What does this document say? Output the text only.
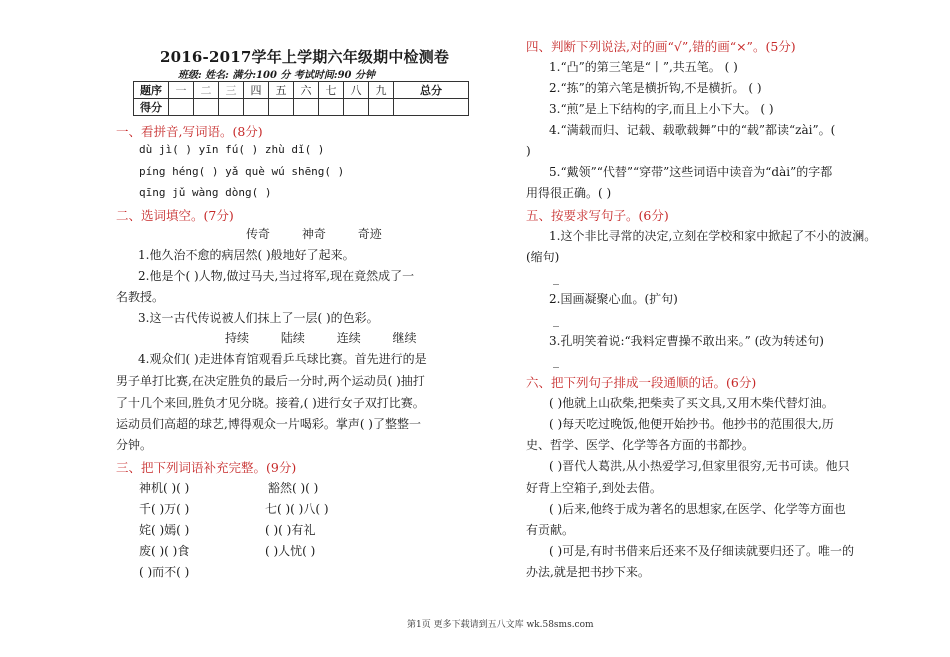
2016-2017学年上学期六年级期中检测卷
班级: 姓名: 满分:100 分 考试时间:90 分钟
题序	一	二	三	四	五	六	七	八	九	总分
得分										
一、看拼音,写词语。(8分)
dù jì( ) yīn fú( ) zhù dǐ( )
píng héng( ) yǎ què wú shēng( )
qīng jǔ wàng dòng( )
二、选词填空。(7分)
传奇	神奇	奇迹
1.他久治不愈的病居然( )般地好了起来。
2.他是个( )人物,做过马夫,当过将军,现在竟然成了一
名教授。
3.这一古代传说被人们抹上了一层( )的色彩。
持续	陆续	连续	继续
4.观众们( )走进体育馆观看乒乓球比赛。首先进行的是
男子单打比赛,在决定胜负的最后一分时,两个运动员( )抽打
了十几个来回,胜负才见分晓。接着,( )进行女子双打比赛。
运动员们高超的球艺,博得观众一片喝彩。掌声( )了整整一
分钟。
三、把下列词语补充完整。(9分)
神机( )( )	豁然( )( )
千( )万( )	七( )( )八( )
姹( )嫣( )	( )( )有礼
废( )( )食	( )人忧( )
( )而不( )
四、判断下列说法,对的画“√”,错的画“×”。(5分)
1.“凸”的第三笔是“丨”,共五笔。 ( )
2.“拣”的第六笔是横折钩,不是横折。 ( )
3.“煎”是上下结构的字,而且上小下大。 ( )
4.“满载而归、记载、载歌载舞”中的“载”都读“zài”。(
)
5.“戴领”“代替”“穿带”这些词语中读音为“dài”的字都
用得很正确。( )
五、按要求写句子。(6分)
1.这个非比寻常的决定,立刻在学校和家中掀起了不小的波澜。
(缩句)
_
2.国画凝聚心血。(扩句)
_
3.孔明笑着说:“我料定曹操不敢出来。” (改为转述句)
_
六、把下列句子排成一段通顺的话。(6分)
( )他就上山砍柴,把柴卖了买文具,又用木柴代替灯油。
( )每天吃过晚饭,他便开始抄书。他抄书的范围很大,历
史、哲学、医学、化学等各方面的书都抄。
( )晋代人葛洪,从小热爱学习,但家里很穷,无书可读。他只
好背上空箱子,到处去借。
( )后来,他终于成为著名的思想家,在医学、化学等方面也
有贡献。
( )可是,有时书借来后还来不及仔细读就要归还了。唯一的
办法,就是把书抄下来。
第1页 更多下载请到五八文库 wk.58sms.com
